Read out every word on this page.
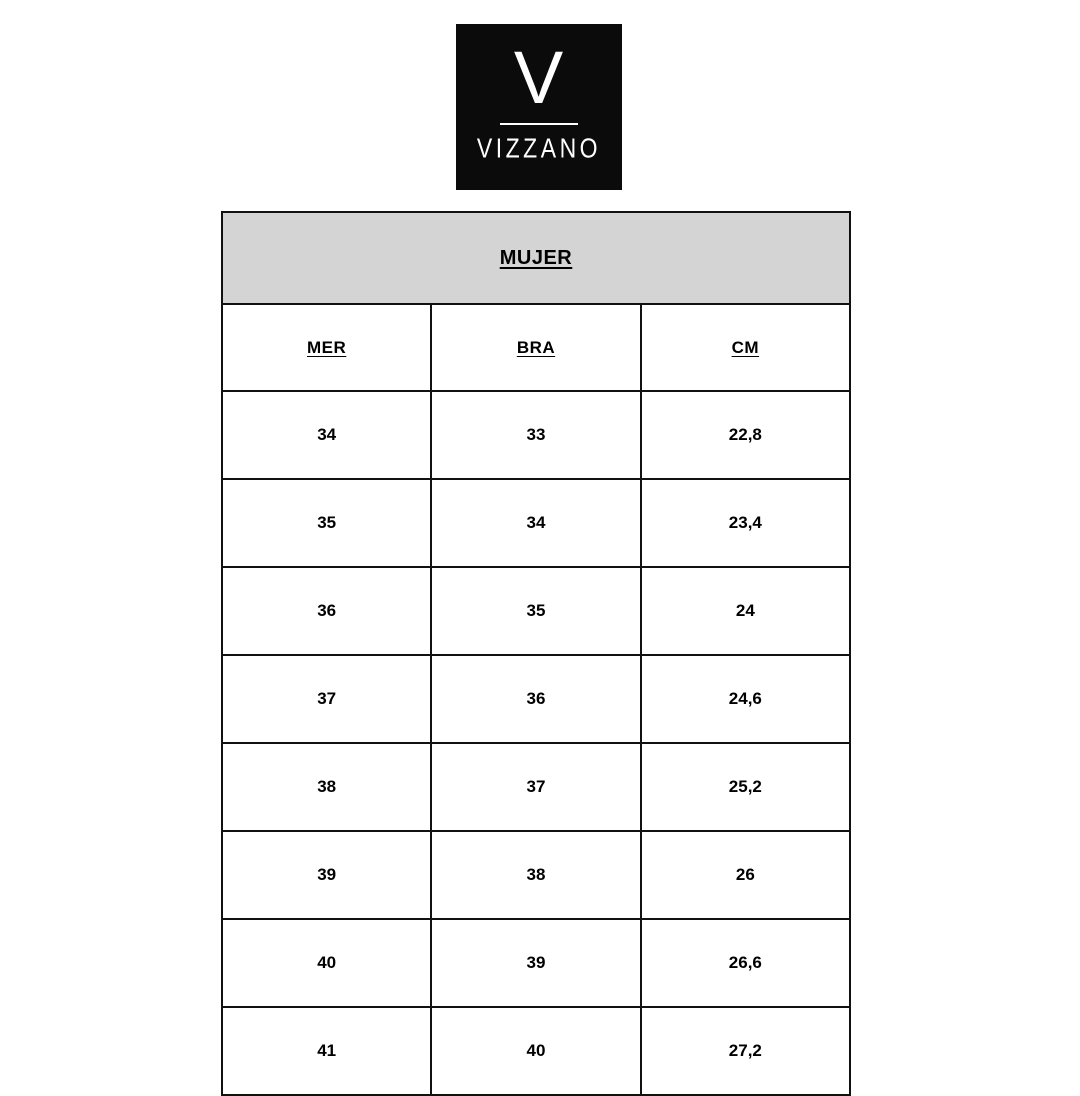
V
VIZZANO
MUJER		
MER	BRA	CM
34	33	22,8
35	34	23,4
36	35	24
37	36	24,6
38	37	25,2
39	38	26
40	39	26,6
41	40	27,2
